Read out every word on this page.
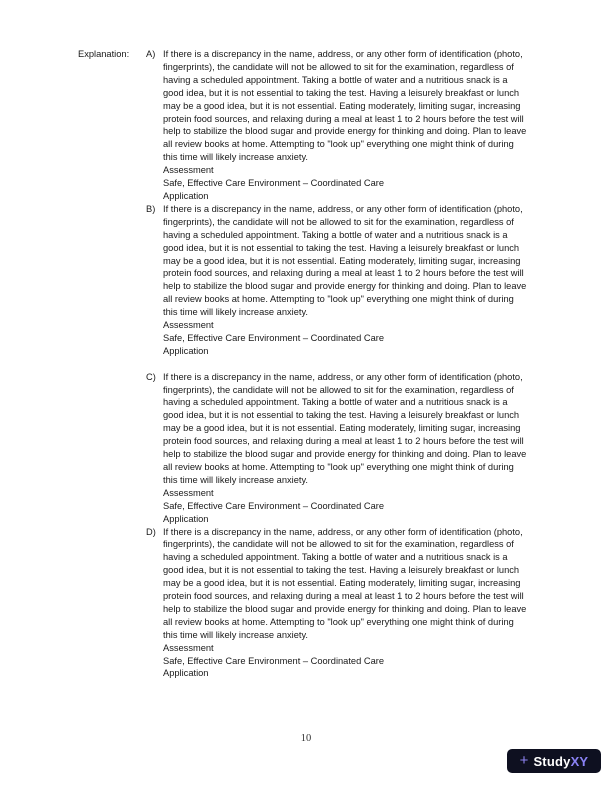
Explanation: A) If there is a discrepancy in the name, address, or any other form of identification (photo, fingerprints), the candidate will not be allowed to sit for the examination, regardless of having a scheduled appointment. Taking a bottle of water and a nutritious snack is a good idea, but it is not essential to taking the test. Having a leisurely breakfast or lunch may be a good idea, but it is not essential. Eating moderately, limiting sugar, increasing protein food sources, and relaxing during a meal at least 1 to 2 hours before the test will help to stabilize the blood sugar and provide energy for thinking and doing. Plan to leave all review books at home. Attempting to "look up" everything one might think of during this time will likely increase anxiety.
Assessment
Safe, Effective Care Environment – Coordinated Care
Application
B) If there is a discrepancy in the name, address, or any other form of identification (photo, fingerprints), the candidate will not be allowed to sit for the examination, regardless of having a scheduled appointment. Taking a bottle of water and a nutritious snack is a good idea, but it is not essential to taking the test. Having a leisurely breakfast or lunch may be a good idea, but it is not essential. Eating moderately, limiting sugar, increasing protein food sources, and relaxing during a meal at least 1 to 2 hours before the test will help to stabilize the blood sugar and provide energy for thinking and doing. Plan to leave all review books at home. Attempting to "look up" everything one might think of during this time will likely increase anxiety.
Assessment
Safe, Effective Care Environment – Coordinated Care
Application
C) If there is a discrepancy in the name, address, or any other form of identification (photo, fingerprints), the candidate will not be allowed to sit for the examination, regardless of having a scheduled appointment. Taking a bottle of water and a nutritious snack is a good idea, but it is not essential to taking the test. Having a leisurely breakfast or lunch may be a good idea, but it is not essential. Eating moderately, limiting sugar, increasing protein food sources, and relaxing during a meal at least 1 to 2 hours before the test will help to stabilize the blood sugar and provide energy for thinking and doing. Plan to leave all review books at home. Attempting to "look up" everything one might think of during this time will likely increase anxiety.
Assessment
Safe, Effective Care Environment – Coordinated Care
Application
D) If there is a discrepancy in the name, address, or any other form of identification (photo, fingerprints), the candidate will not be allowed to sit for the examination, regardless of having a scheduled appointment. Taking a bottle of water and a nutritious snack is a good idea, but it is not essential to taking the test. Having a leisurely breakfast or lunch may be a good idea, but it is not essential. Eating moderately, limiting sugar, increasing protein food sources, and relaxing during a meal at least 1 to 2 hours before the test will help to stabilize the blood sugar and provide energy for thinking and doing. Plan to leave all review books at home. Attempting to "look up" everything one might think of during this time will likely increase anxiety.
Assessment
Safe, Effective Care Environment – Coordinated Care
Application
10
+ Study XY
